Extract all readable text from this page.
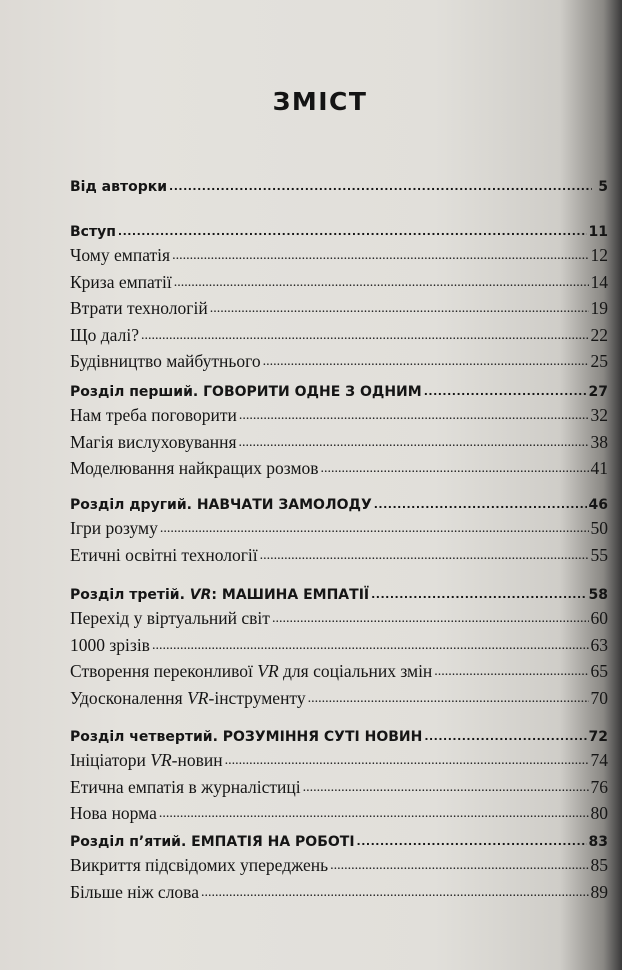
ЗМІСТ
Від авторки .....	5
Вступ .....	11
Чому емпатія .....	12
Криза емпатії .....	14
Втрати технологій .....	19
Що далі? .....	22
Будівництво майбутнього .....	25
Розділ перший. ГОВОРИТИ ОДНЕ З ОДНИМ .....	27
Нам треба поговорити .....	32
Магія вислуховування .....	38
Моделювання найкращих розмов .....	41
Розділ другий. НАВЧАТИ ЗАМОЛОДУ .....	46
Ігри розуму .....	50
Етичні освітні технології .....	55
Розділ третій. VR: МАШИНА ЕМПАТІЇ .....	58
Перехід у віртуальний світ .....	60
1000 зрізів .....	63
Створення переконливої VR для соціальних змін .....	65
Удосконалення VR-інструменту .....	70
Розділ четвертий. РОЗУМІННЯ СУТІ НОВИН .....	72
Ініціатори VR-новин .....	74
Етична емпатія в журналістиці .....	76
Нова норма .....	80
Розділ п’ятий. ЕМПАТІЯ НА РОБОТІ .....	83
Викриття підсвідомих упереджень .....	85
Більше ніж слова .....	89
